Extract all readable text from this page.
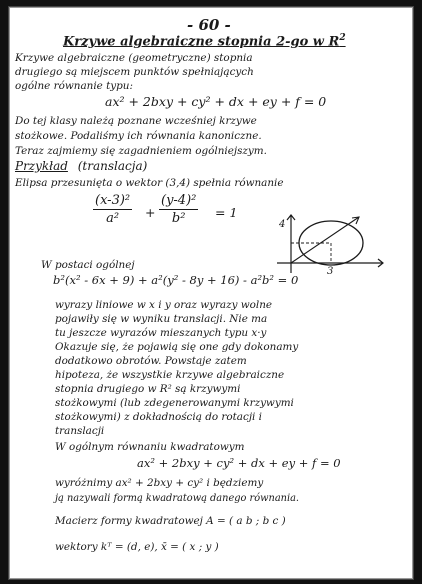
- 60 -
Krzywe algebraiczne stopnia 2-go w $R^2$
Krzywe algebraiczne (geometryczne) stopnia
drugiego są miejscem punktów spełniających
ogólne równanie typu:
ax² + 2bxy + cy² + dx + ey + f = 0
Do tej klasy należą poznane wcześniej krzywe
stożkowe. Podaliśmy ich równania kanoniczne.
Teraz zajmiemy się zagadnieniem ogólniejszym.
Przykład (translacja)
Elipsa przesunięta o wektor (3,4) spełnia równanie
(x-3)²
a²	+
(y-4)²
b²	= 1
4
3
W postaci ogólnej
b²(x² - 6x + 9) + a²(y² - 8y + 16) - a²b² = 0
wyrazy liniowe w x i y oraz wyrazy wolne
pojawiły się w wyniku translacji. Nie ma
tu jeszcze wyrazów mieszanych typu x·y
Okazuje się, że pojawią się one gdy dokonamy
dodatkowo obrotów. Powstaje zatem
hipoteza, że wszystkie krzywe algebraiczne
stopnia drugiego w R² są krzywymi
stożkowymi (lub zdegenerowanymi krzywymi
stożkowymi) z dokładnością do rotacji i
translacji
W ogólnym równaniu kwadratowym
ax² + 2bxy + cy² + dx + ey + f = 0
wyróżnimy ax² + 2bxy + cy² i będziemy
ją nazywali formą kwadratową danego równania.
Macierz formy kwadratowej A = ( a b ; b c )
wektory kᵀ = (d, e), x̄ = ( x ; y )
